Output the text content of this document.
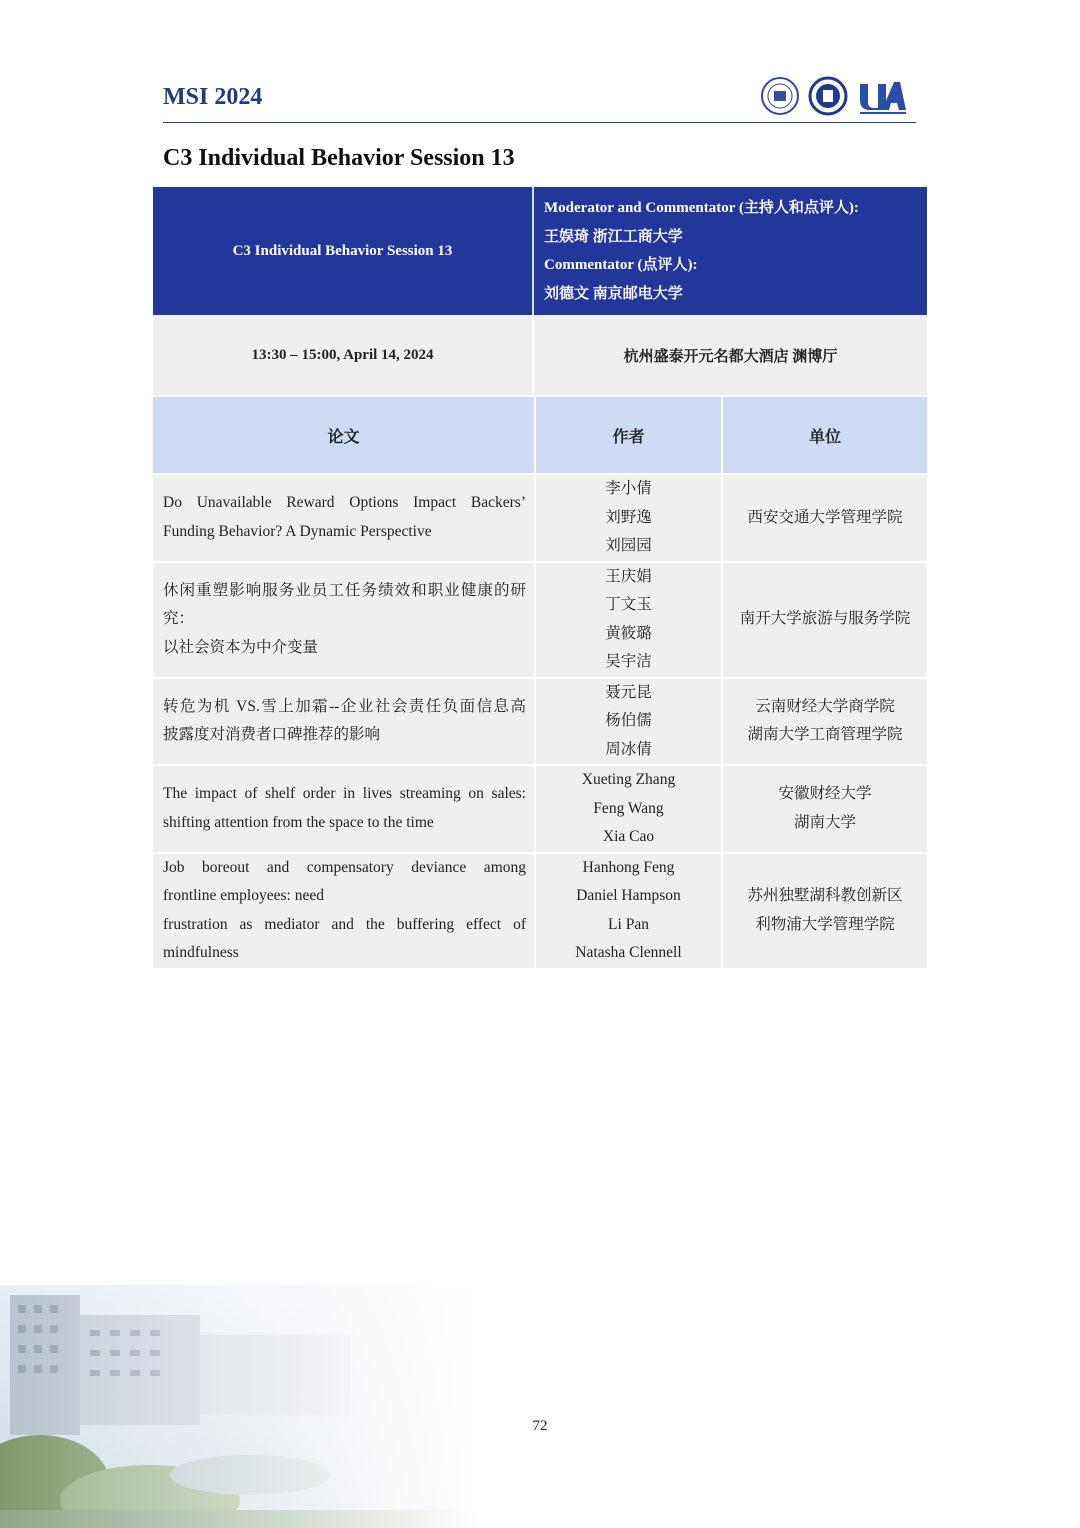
MSI 2024
C3 Individual Behavior Session 13
C3 Individual Behavior Session 13	Moderator and Commentator (主持人和点评人):
王娱琦 浙江工商大学
Commentator (点评人):
刘德文 南京邮电大学	

13:30 – 15:00, April 14, 2024	杭州盛泰开元名都大酒店 渊博厅	
论文	作者	单位

Do Unavailable Reward Options Impact Backers’
Funding Behavior? A Dynamic Perspective	李小倩
刘野逸
刘园园	西安交通大学管理学院

休闲重塑影响服务业员工任务绩效和职业健康的研
究：
以社会资本为中介变量	王庆娟
丁文玉
黄筱璐
吴宇洁	南开大学旅游与服务学院

转危为机 VS.雪上加霜--企业社会责任负面信息高
披露度对消费者口碑推荐的影响	聂元昆
杨伯儒
周冰倩	云南财经大学商学院
湖南大学工商管理学院

The impact of shelf order in lives streaming on sales:
shifting attention from the space to the time	Xueting Zhang
Feng Wang
Xia Cao	安徽财经大学
湖南大学

Job boreout and compensatory deviance among
frontline employees: need
frustration as mediator and the buffering effect of
mindfulness	Hanhong Feng
Daniel Hampson
Li Pan
Natasha Clennell	苏州独墅湖科教创新区
利物浦大学管理学院
72
